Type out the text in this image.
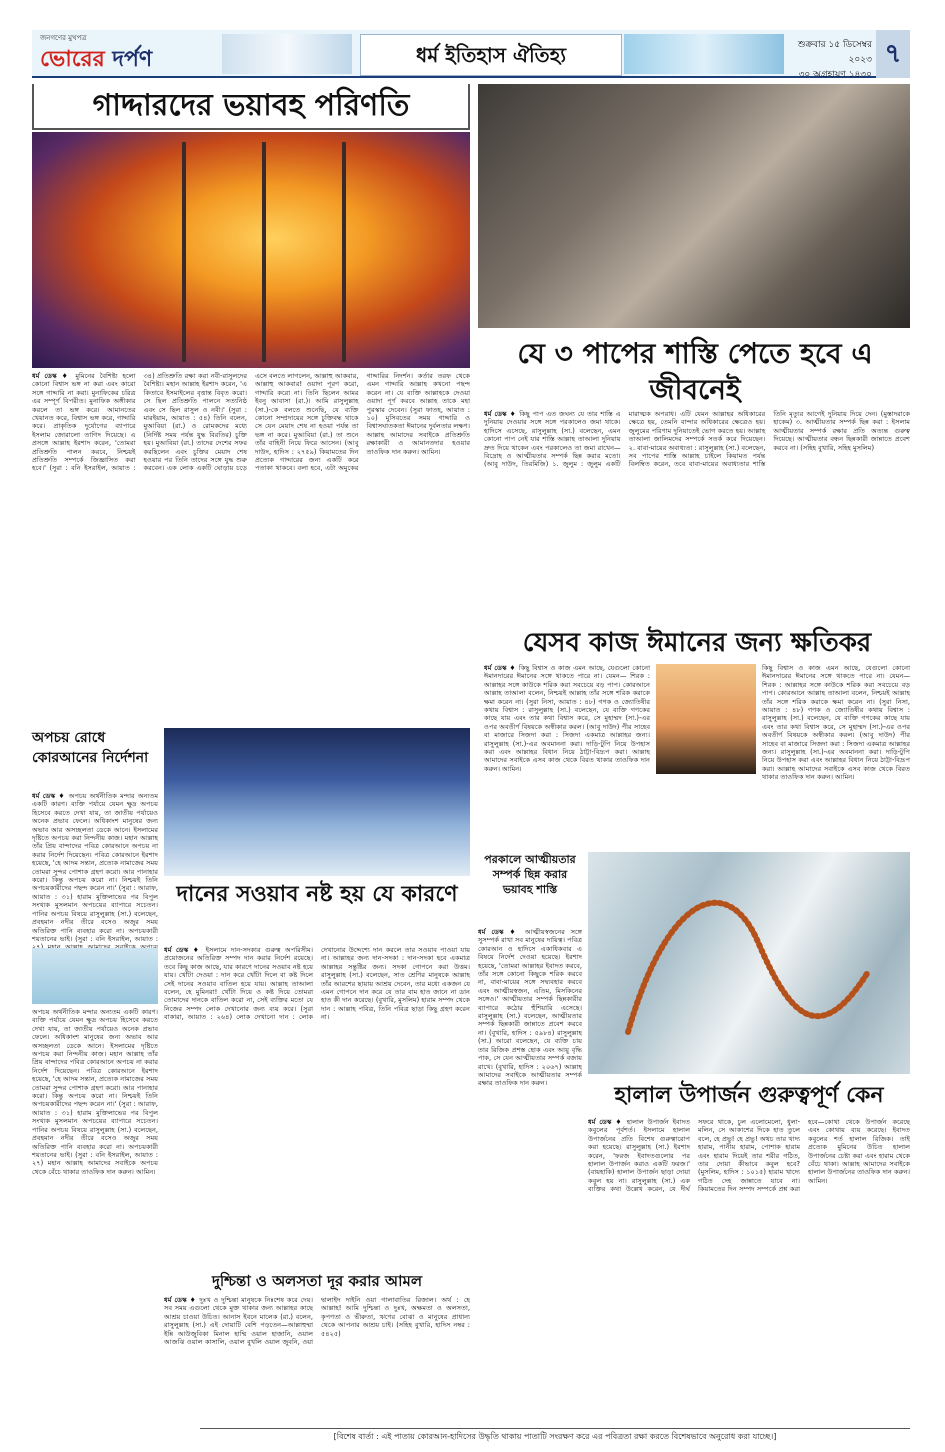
জনগণের মুখপত্র
ভোরের দর্পণ	ধর্ম ইতিহাস ঐতিহ্য	শুক্রবার ১৫ ডিসেম্বর ২০২৩
৩০ অগ্রহায়ণ ১৪৩০
৭
গাদ্দারদের ভয়াবহ পরিণতি
ধর্ম ডেস্ক ♦ মুমিনের বৈশিষ্ট্য হলো কোনো বিশ্বাস ভঙ্গ না করা এবং কারো সঙ্গে গাদ্দারি না করা। মুনাফিকের চরিত্র এর সম্পূর্ণ বিপরীত। মুনাফিক অঙ্গীকার করলে তা ভঙ্গ করে। আমানতের খেয়ানত করে, বিশ্বাস ভঙ্গ করে, গাদ্দারি করে। প্রাকৃতিক দুর্যোগের ব্যাপারে ইসলাম জোরালো তাগিদ দিয়েছে। এ প্রসঙ্গে আল্লাহ ইরশাদ করেন, 'তোমরা প্রতিশ্রুতি পালন করবে, নিশ্চয়ই প্রতিশ্রুতি সম্পর্কে জিজ্ঞাসিত করা হবে।' (সুরা : বনি ইসরাইল, আয়াত : ৩৪) প্রতিশ্রুতি রক্ষা করা নবী-রাসুলদের বৈশিষ্ট্য। মহান আল্লাহ ইরশাদ করেন, 'এ কিতাবে ইসমাইলের বৃত্তান্ত বিবৃত করো। সে ছিল প্রতিশ্রুতি পালনে সত্যনিষ্ঠ এবং সে ছিল রাসুল ও নবী।' (সুরা : মারইয়াম, আয়াত : ৫৪) তিনি বলেন, মুআবিয়া (রা.) ও রোমকদের মধ্যে (নির্দিষ্ট সময় পর্যন্ত যুদ্ধ বিরতির) চুক্তি হয়। মুআবিয়া (রা.) তাদের দেশের সফর করছিলেন এবং চুক্তির মেয়াদ শেষ হওয়ার পর তিনি তাদের সঙ্গে যুদ্ধ শুরু করবেন। এক লোক একটি ঘোড়ায় চড়ে এসে বলতে লাগলেন, আল্লাহু আকবার, আল্লাহু আকবার! ওয়াদা পূরণ করো, গাদ্দারি করো না। তিনি ছিলেন আমর ইবনু আবাসা (রা.)। আমি রাসুলুল্লাহ (সা.)-কে বলতে শুনেছি, যে ব্যক্তি কোনো সম্প্রদায়ের সঙ্গে চুক্তিবদ্ধ থাকে সে যেন মেয়াদ শেষ না হওয়া পর্যন্ত তা ভঙ্গ না করে। মুআবিয়া (রা.) তা শুনে তাঁর বাহিনী নিয়ে ফিরে আসেন। (আবু দাউদ, হাদিস : ২৭৫৯) কিয়ামতের দিন প্রত্যেক গাদ্দারের জন্য একটি করে পতাকা থাকবে। বলা হবে, এটা অমুকের গাদ্দারির নিদর্শন। কর্তার তরফ থেকে এমন গাদ্দারি আল্লাহ কখনো পছন্দ করেন না। যে ব্যক্তি আল্লাহকে দেওয়া ওয়াদা পূর্ণ করবে আল্লাহ তাকে মহা পুরস্কার দেবেন। (সুরা ফাতহ, আয়াত : ১০) মুসিবতের সময় গাদ্দারি ও বিশ্বাসঘাতকতা ঈমানের দুর্বলতার লক্ষণ। আল্লাহ আমাদের সবাইকে প্রতিশ্রুতি রক্ষাকারী ও আমানতদার হওয়ার তাওফিক দান করুন। আমিন।
যে ৩ পাপের শাস্তি পেতে হবে এ জীবনেই
ধর্ম ডেস্ক ♦ কিছু পাপ এত জঘন্য যে তার শাস্তি এ দুনিয়ায় দেওয়ার সঙ্গে সঙ্গে পরকালেও জমা থাকে। হাদিসে এসেছে, রাসুলুল্লাহ (সা.) বলেছেন, এমন কোনো পাপ নেই যার শাস্তি আল্লাহ তাআলা দুনিয়ায় দ্রুত দিয়ে থাকেন এবং পরকালেও তা জমা রাখেন—বিদ্রোহ ও আত্মীয়তার সম্পর্ক ছিন্ন করার মতো। (আবু দাউদ, তিরমিজি) ১. জুলুম : জুলুম একটি মারাত্মক অপরাধ। এটি যেমন আল্লাহর অধিকারের ক্ষেত্রে হয়, তেমনি বান্দার অধিকারের ক্ষেত্রেও হয়। জুলুমের পরিণাম দুনিয়াতেই ভোগ করতে হয়। আল্লাহ তাআলা জালিমদের সম্পর্কে সতর্ক করে দিয়েছেন। ২. বাবা-মায়ের অবাধ্যতা : রাসুলুল্লাহ (সা.) বলেছেন, সব পাপের শাস্তি আল্লাহ চাইলে কিয়ামত পর্যন্ত বিলম্বিত করেন, তবে বাবা-মায়ের অবাধ্যতার শাস্তি তিনি মৃত্যুর আগেই দুনিয়ায় দিয়ে দেন। (মুস্তাদরাকে হাকেম) ৩. আত্মীয়তার সম্পর্ক ছিন্ন করা : ইসলাম আত্মীয়তার সম্পর্ক রক্ষার প্রতি অত্যন্ত গুরুত্ব দিয়েছে। আত্মীয়তার বন্ধন ছিন্নকারী জান্নাতে প্রবেশ করবে না। (সহিহ বুখারি, সহিহ মুসলিম)
যেসব কাজ ঈমানের জন্য ক্ষতিকর
ধর্ম ডেস্ক ♦ কিছু বিশ্বাস ও কাজ এমন আছে, যেগুলো কোনো ঈমানদারের ঈমানের সঙ্গে থাকতে পারে না। যেমন— শিরক : আল্লাহর সঙ্গে কাউকে শরিক করা সবচেয়ে বড় পাপ। কোরআনে আল্লাহ তাআলা বলেন, নিশ্চয়ই আল্লাহ তাঁর সঙ্গে শরিক করাকে ক্ষমা করেন না। (সুরা নিসা, আয়াত : ৪৮) গণক ও জ্যোতিষীর কথায় বিশ্বাস : রাসুলুল্লাহ (সা.) বলেছেন, যে ব্যক্তি গণকের কাছে যায় এবং তার কথা বিশ্বাস করে, সে মুহাম্মদ (সা.)-এর ওপর অবতীর্ণ বিষয়কে অস্বীকার করল। (আবু দাউদ) পীর সাহেব বা মাজারে সিজদা করা : সিজদা একমাত্র আল্লাহর জন্য। রাসুলুল্লাহ (সা.)-এর অবমাননা করা। দাড়ি-টুপি নিয়ে উপহাস করা এবং আল্লাহর বিধান নিয়ে ঠাট্টা-বিদ্রূপ করা। আল্লাহ আমাদের সবাইকে এসব কাজ থেকে বিরত থাকার তাওফিক দান করুন। আমিন।
কিছু বিশ্বাস ও কাজ এমন আছে, যেগুলো কোনো ঈমানদারের ঈমানের সঙ্গে থাকতে পারে না। যেমন— শিরক : আল্লাহর সঙ্গে কাউকে শরিক করা সবচেয়ে বড় পাপ। কোরআনে আল্লাহ তাআলা বলেন, নিশ্চয়ই আল্লাহ তাঁর সঙ্গে শরিক করাকে ক্ষমা করেন না। (সুরা নিসা, আয়াত : ৪৮) গণক ও জ্যোতিষীর কথায় বিশ্বাস : রাসুলুল্লাহ (সা.) বলেছেন, যে ব্যক্তি গণকের কাছে যায় এবং তার কথা বিশ্বাস করে, সে মুহাম্মদ (সা.)-এর ওপর অবতীর্ণ বিষয়কে অস্বীকার করল। (আবু দাউদ) পীর সাহেব বা মাজারে সিজদা করা : সিজদা একমাত্র আল্লাহর জন্য। রাসুলুল্লাহ (সা.)-এর অবমাননা করা। দাড়ি-টুপি নিয়ে উপহাস করা এবং আল্লাহর বিধান নিয়ে ঠাট্টা-বিদ্রূপ করা। আল্লাহ আমাদের সবাইকে এসব কাজ থেকে বিরত থাকার তাওফিক দান করুন। আমিন।
অপচয় রোধে কোরআনের নির্দেশনা
ধর্ম ডেস্ক ♦ অপচয় অর্থনীতিক মন্দার অন্যতম একটি কারণ। ব্যক্তি পর্যায়ে যেমন ক্ষুদ্র অপচয় হিসেবে করতে দেখা যায়, তা জাতীয় পর্যায়েও অনেক প্রভাব ফেলে। অধিকাংশ মানুষের জন্য অভাব আর অসচ্ছলতা ডেকে আনে। ইসলামের দৃষ্টিতে অপচয় করা নিন্দনীয় কাজ। মহান আল্লাহ তাঁর প্রিয় বান্দাদের পবিত্র কোরআনে অপচয় না করার নির্দেশ দিয়েছেন। পবিত্র কোরআনে ইরশাদ হয়েছে, 'হে আদম সন্তান, প্রত্যেক নামাজের সময় তোমরা সুন্দর পোশাক গ্রহণ করো। আর পানাহার করো। কিন্তু অপচয় করো না। নিশ্চয়ই তিনি অপচয়কারীদের পছন্দ করেন না।' (সুরা : আরাফ, আয়াত : ৩১) হারাম মুক্তিলাভের পর বিপুল সংখ্যক মুসলমান অপচয়ের ব্যাপারে সচেতন। পানির অপচয় বিষয়ে রাসুলুল্লাহ (সা.) বলেছেন, প্রবহমান নদীর তীরে বসেও অজুর সময় অতিরিক্ত পানি ব্যবহার করো না। অপচয়কারী শয়তানের ভাই। (সুরা : বনি ইসরাইল, আয়াত :
অপচয় অর্থনীতিক মন্দার অন্যতম একটি কারণ। ব্যক্তি পর্যায়ে যেমন ক্ষুদ্র অপচয় হিসেবে করতে দেখা যায়, তা জাতীয় পর্যায়েও অনেক প্রভাব ফেলে। অধিকাংশ মানুষের জন্য অভাব আর অসচ্ছলতা ডেকে আনে। ইসলামের দৃষ্টিতে অপচয় করা নিন্দনীয় কাজ। মহান আল্লাহ তাঁর প্রিয় বান্দাদের পবিত্র কোরআনে অপচয় না করার নির্দেশ দিয়েছেন। পবিত্র কোরআনে ইরশাদ হয়েছে, 'হে আদম সন্তান, প্রত্যেক নামাজের সময় তোমরা সুন্দর পোশাক গ্রহণ করো। আর পানাহার করো। কিন্তু অপচয় করো না। নিশ্চয়ই তিনি অপচয়কারীদের পছন্দ করেন না।' (সুরা : আরাফ, আয়াত : ৩১) হারাম মুক্তিলাভের পর বিপুল সংখ্যক মুসলমান অপচয়ের ব্যাপারে সচেতন। পানির অপচয় বিষয়ে রাসুলুল্লাহ (সা.) বলেছেন, প্রবহমান নদীর তীরে বসেও অজুর সময় অতিরিক্ত পানি ব্যবহার করো না। অপচয়কারী শয়তানের ভাই। (সুরা : বনি ইসরাইল, আয়াত : ২৭) মহান আল্লাহ আমাদের সবাইকে অপচয় থেকে বেঁচে থাকার তাওফিক দান করুন। আমিন।
দানের সওয়াব নষ্ট হয় যে কারণে
ধর্ম ডেস্ক ♦ ইসলামে দান-সদকার গুরুত্ব অপরিসীম। প্রয়োজনের অতিরিক্ত সম্পদ দান করার নির্দেশ রয়েছে। তবে কিছু কাজ আছে, যার কারণে দানের সওয়াব নষ্ট হয়ে যায়। খোঁটা দেওয়া : দান করে খোঁটা দিলে বা কষ্ট দিলে সেই দানের সওয়াব বাতিল হয়ে যায়। আল্লাহ তাআলা বলেন, হে মুমিনরা! খোঁটা দিয়ে ও কষ্ট দিয়ে তোমরা তোমাদের দানকে বাতিল করো না, সেই ব্যক্তির মতো যে নিজের সম্পদ লোক দেখানোর জন্য ব্যয় করে। (সুরা বাকারা, আয়াত : ২৬৪) লোক দেখানো দান : লোক দেখানোর উদ্দেশ্যে দান করলে তার সওয়াব পাওয়া যায় না। আল্লাহর জন্য দান-সদকা : দান-সদকা হবে একমাত্র আল্লাহর সন্তুষ্টির জন্য। সদকা গোপনে করা উত্তম। রাসুলুল্লাহ (সা.) বলেছেন, সাত শ্রেণির মানুষকে আল্লাহ তাঁর আরশের ছায়ায় আশ্রয় দেবেন, তার মধ্যে একজন যে এমন গোপনে দান করে যে তার বাম হাত জানে না ডান হাত কী দান করেছে। (বুখারি, মুসলিম) হারাম সম্পদ থেকে দান : আল্লাহ পবিত্র, তিনি পবিত্র ছাড়া কিছু গ্রহণ করেন না।
দুশ্চিন্তা ও অলসতা দূর করার আমল
ধর্ম ডেস্ক ♦ দুঃখ ও দুশ্চিন্তা মানুষকে নিঃশেষ করে দেয়। সব সময় এগুলো থেকে মুক্ত থাকার জন্য আল্লাহর কাছে আশ্রয় চাওয়া উচিত। আনাস ইবনে মালেক (রা.) বলেন, রাসুলুল্লাহ (সা.) এই দোয়াটি বেশি পড়তেন—আল্লাহুম্মা ইন্নি আউজুবিকা মিনাল হাম্মি ওয়াল হাজানি, ওয়াল আজঝি ওয়াল কাসালি, ওয়াল বুখলি ওয়াল জুবনি, ওয়া দ্বালাইদ দাইনি ওয়া গালাবাতির রিজাল। অর্থ : হে আল্লাহ! আমি দুশ্চিন্তা ও দুঃখ, অক্ষমতা ও অলসতা, কৃপণতা ও ভীরুতা, ঋণের বোঝা ও মানুষের প্রাধান্য থেকে আপনার আশ্রয় চাই। (সহিহ বুখারি, হাদিস নম্বর : ৫৪২৫)
পরকালে আত্মীয়তার সম্পর্ক ছিন্ন করার ভয়াবহ শাস্তি
ধর্ম ডেস্ক ♦ আত্মীয়স্বজনের সঙ্গে সুসম্পর্ক রাখা সব মানুষের দায়িত্ব। পবিত্র কোরআন ও হাদিসে একাধিকবার এ বিষয়ে নির্দেশ দেওয়া হয়েছে। ইরশাদ হয়েছে, 'তোমরা আল্লাহর ইবাদত করবে, তাঁর সঙ্গে কোনো কিছুকে শরিক করবে না, বাবা-মায়ের সঙ্গে সদ্ব্যবহার করবে এবং আত্মীয়স্বজন, এতিম, মিসকিনের সঙ্গেও।' আত্মীয়তার সম্পর্ক ছিন্নকারীর ব্যাপারে কঠোর হুঁশিয়ারি এসেছে। রাসুলুল্লাহ (সা.) বলেছেন, আত্মীয়তার সম্পর্ক ছিন্নকারী জান্নাতে প্রবেশ করবে না। (বুখারি, হাদিস : ৫৯৮৪) রাসুলুল্লাহ (সা.) আরো বলেছেন, যে ব্যক্তি চায় তার রিজিক প্রশস্ত হোক এবং আয়ু বৃদ্ধি পাক, সে যেন আত্মীয়তার সম্পর্ক বজায় রাখে। (বুখারি, হাদিস : ২০৬৭) আল্লাহ আমাদের সবাইকে আত্মীয়তার সম্পর্ক রক্ষার তাওফিক দান করুন।	হালাল উপার্জন গুরুত্বপূর্ণ কেন
ধর্ম ডেস্ক ♦ হালাল উপার্জন ইবাদত কবুলের পূর্বশর্ত। ইসলামে হালাল উপার্জনের প্রতি বিশেষ গুরুত্বারোপ করা হয়েছে। রাসুলুল্লাহ (সা.) ইরশাদ করেন, 'ফরজ ইবাদতগুলোর পর হালাল উপার্জন করাও একটি ফরজ।' (বায়হাকি) হালাল উপার্জন ছাড়া দোয়া কবুল হয় না। রাসুলুল্লাহ (সা.) এক ব্যক্তির কথা উল্লেখ করেন, যে দীর্ঘ সফরে থাকে, চুল এলোমেলো, ধুলা-মলিন, সে আকাশের দিকে হাত তুলে বলে, হে প্রভু! হে প্রভু! অথচ তার খাদ্য হারাম, পানীয় হারাম, পোশাক হারাম এবং হারাম দিয়েই তার শরীর গঠিত, তার দোয়া কীভাবে কবুল হবে? (মুসলিম, হাদিস : ১০১৫) হারাম খাদ্যে গঠিত দেহ জান্নাতে যাবে না। কিয়ামতের দিন সম্পদ সম্পর্কে প্রশ্ন করা হবে—কোথা থেকে উপার্জন করেছে এবং কোথায় ব্যয় করেছে। ইবাদত কবুলের শর্ত হালাল রিজিক। তাই প্রত্যেক মুমিনের উচিত হালাল উপার্জনের চেষ্টা করা এবং হারাম থেকে বেঁচে থাকা। আল্লাহ আমাদের সবাইকে হালাল উপার্জনের তাওফিক দান করুন। আমিন।
[বিশেষ বার্তা : এই পাতায় কোরআন-হাদিসের উদ্ধৃতি থাকায় পাতাটি সংরক্ষণ করে এর পবিত্রতা রক্ষা করতে বিশেষভাবে অনুরোধ করা যাচ্ছে।]
